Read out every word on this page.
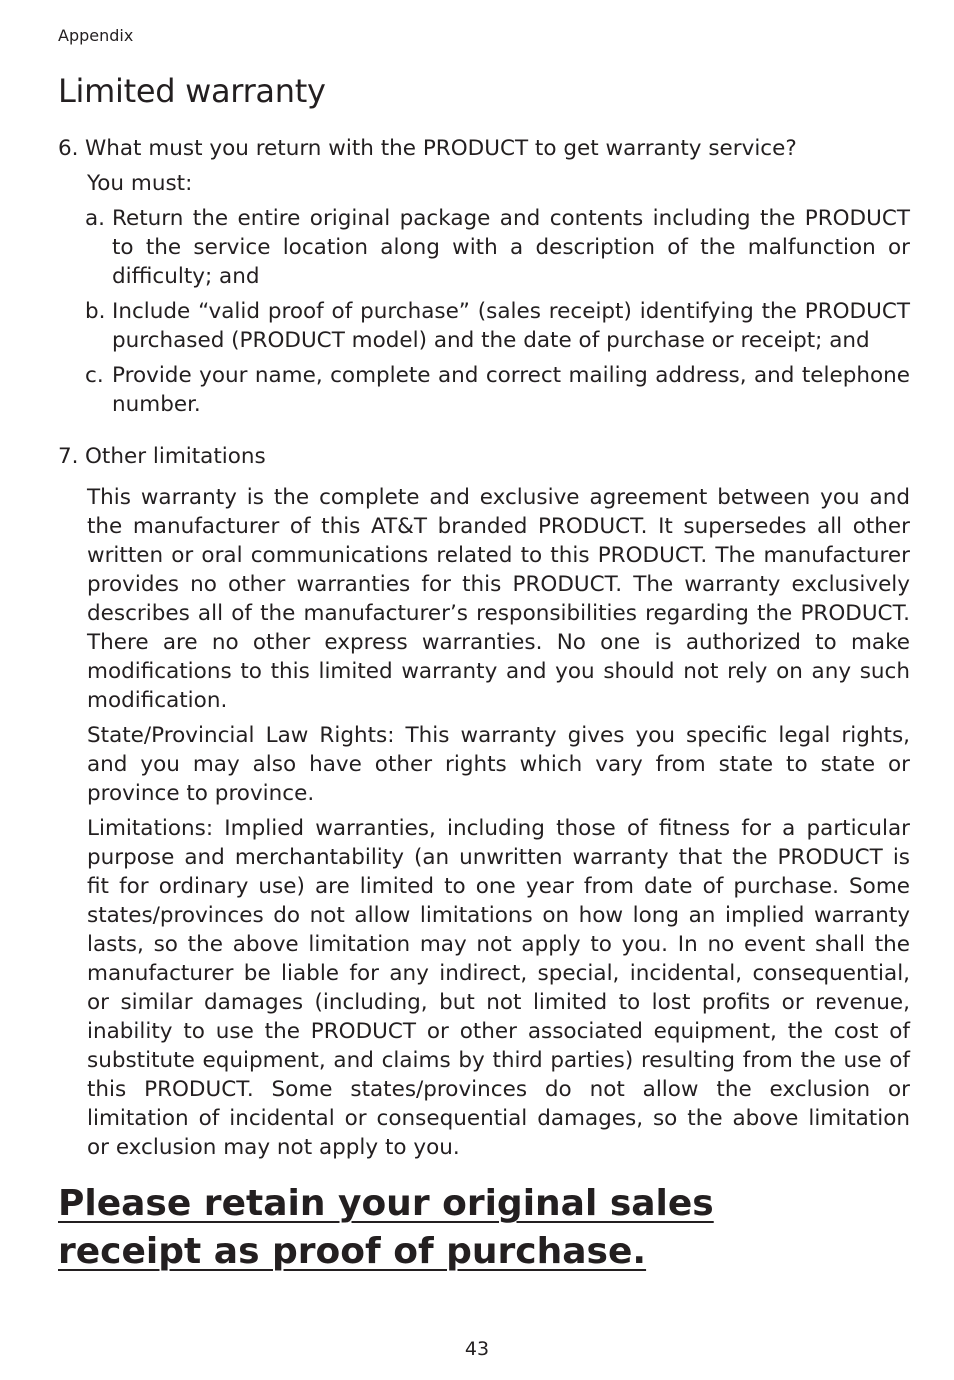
Appendix
Limited warranty

6. What must you return with the PRODUCT to get warranty service?

You must:

a. Return the entire original package and contents including the PRODUCT to the service location along with a description of the malfunction or difficulty; and
b. Include “valid proof of purchase” (sales receipt) identifying the PRODUCT purchased (PRODUCT model) and the date of purchase or receipt; and
c. Provide your name, complete and correct mailing address, and telephone number.

7. Other limitations

This warranty is the complete and exclusive agreement between you and the manufacturer of this AT&T branded PRODUCT. It supersedes all other written or oral communications related to this PRODUCT. The manufacturer provides no other warranties for this PRODUCT. The warranty exclusively describes all of the manufacturer’s responsibilities regarding the PRODUCT. There are no other express warranties. No one is authorized to make modifications to this limited warranty and you should not rely on any such modification.

State/Provincial Law Rights: This warranty gives you specific legal rights, and you may also have other rights which vary from state to state or province to province.

Limitations: Implied warranties, including those of fitness for a particular purpose and merchantability (an unwritten warranty that the PRODUCT is fit for ordinary use) are limited to one year from date of purchase. Some states/provinces do not allow limitations on how long an implied warranty lasts, so the above limitation may not apply to you. In no event shall the manufacturer be liable for any indirect, special, incidental, consequential, or similar damages (including, but not limited to lost profits or revenue, inability to use the PRODUCT or other associated equipment, the cost of substitute equipment, and claims by third parties) resulting from the use of this PRODUCT. Some states/provinces do not allow the exclusion or limitation of incidental or consequential damages, so the above limitation or exclusion may not apply to you.

Please retain your original sales receipt as proof of purchase.

43
